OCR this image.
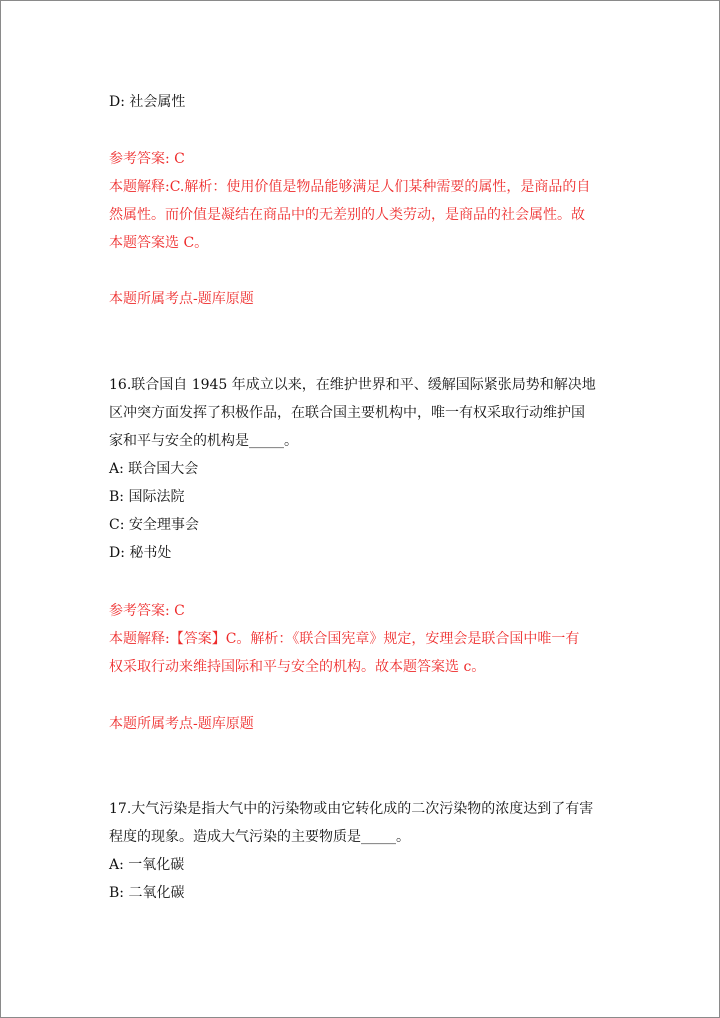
D: 社会属性
参考答案: C
本题解释:C.解析：使用价值是物品能够满足人们某种需要的属性，是商品的自
然属性。而价值是凝结在商品中的无差别的人类劳动，是商品的社会属性。故
本题答案选 C。
本题所属考点-题库原题
16.联合国自 1945 年成立以来，在维护世界和平、缓解国际紧张局势和解决地
区冲突方面发挥了积极作品，在联合国主要机构中，唯一有权采取行动维护国
家和平与安全的机构是_____。
A: 联合国大会
B: 国际法院
C: 安全理事会
D: 秘书处
参考答案: C
本题解释:【答案】C。解析：《联合国宪章》规定，安理会是联合国中唯一有
权采取行动来维持国际和平与安全的机构。故本题答案选 c。
本题所属考点-题库原题
17.大气污染是指大气中的污染物或由它转化成的二次污染物的浓度达到了有害
程度的现象。造成大气污染的主要物质是_____。
A: 一氧化碳
B: 二氧化碳
